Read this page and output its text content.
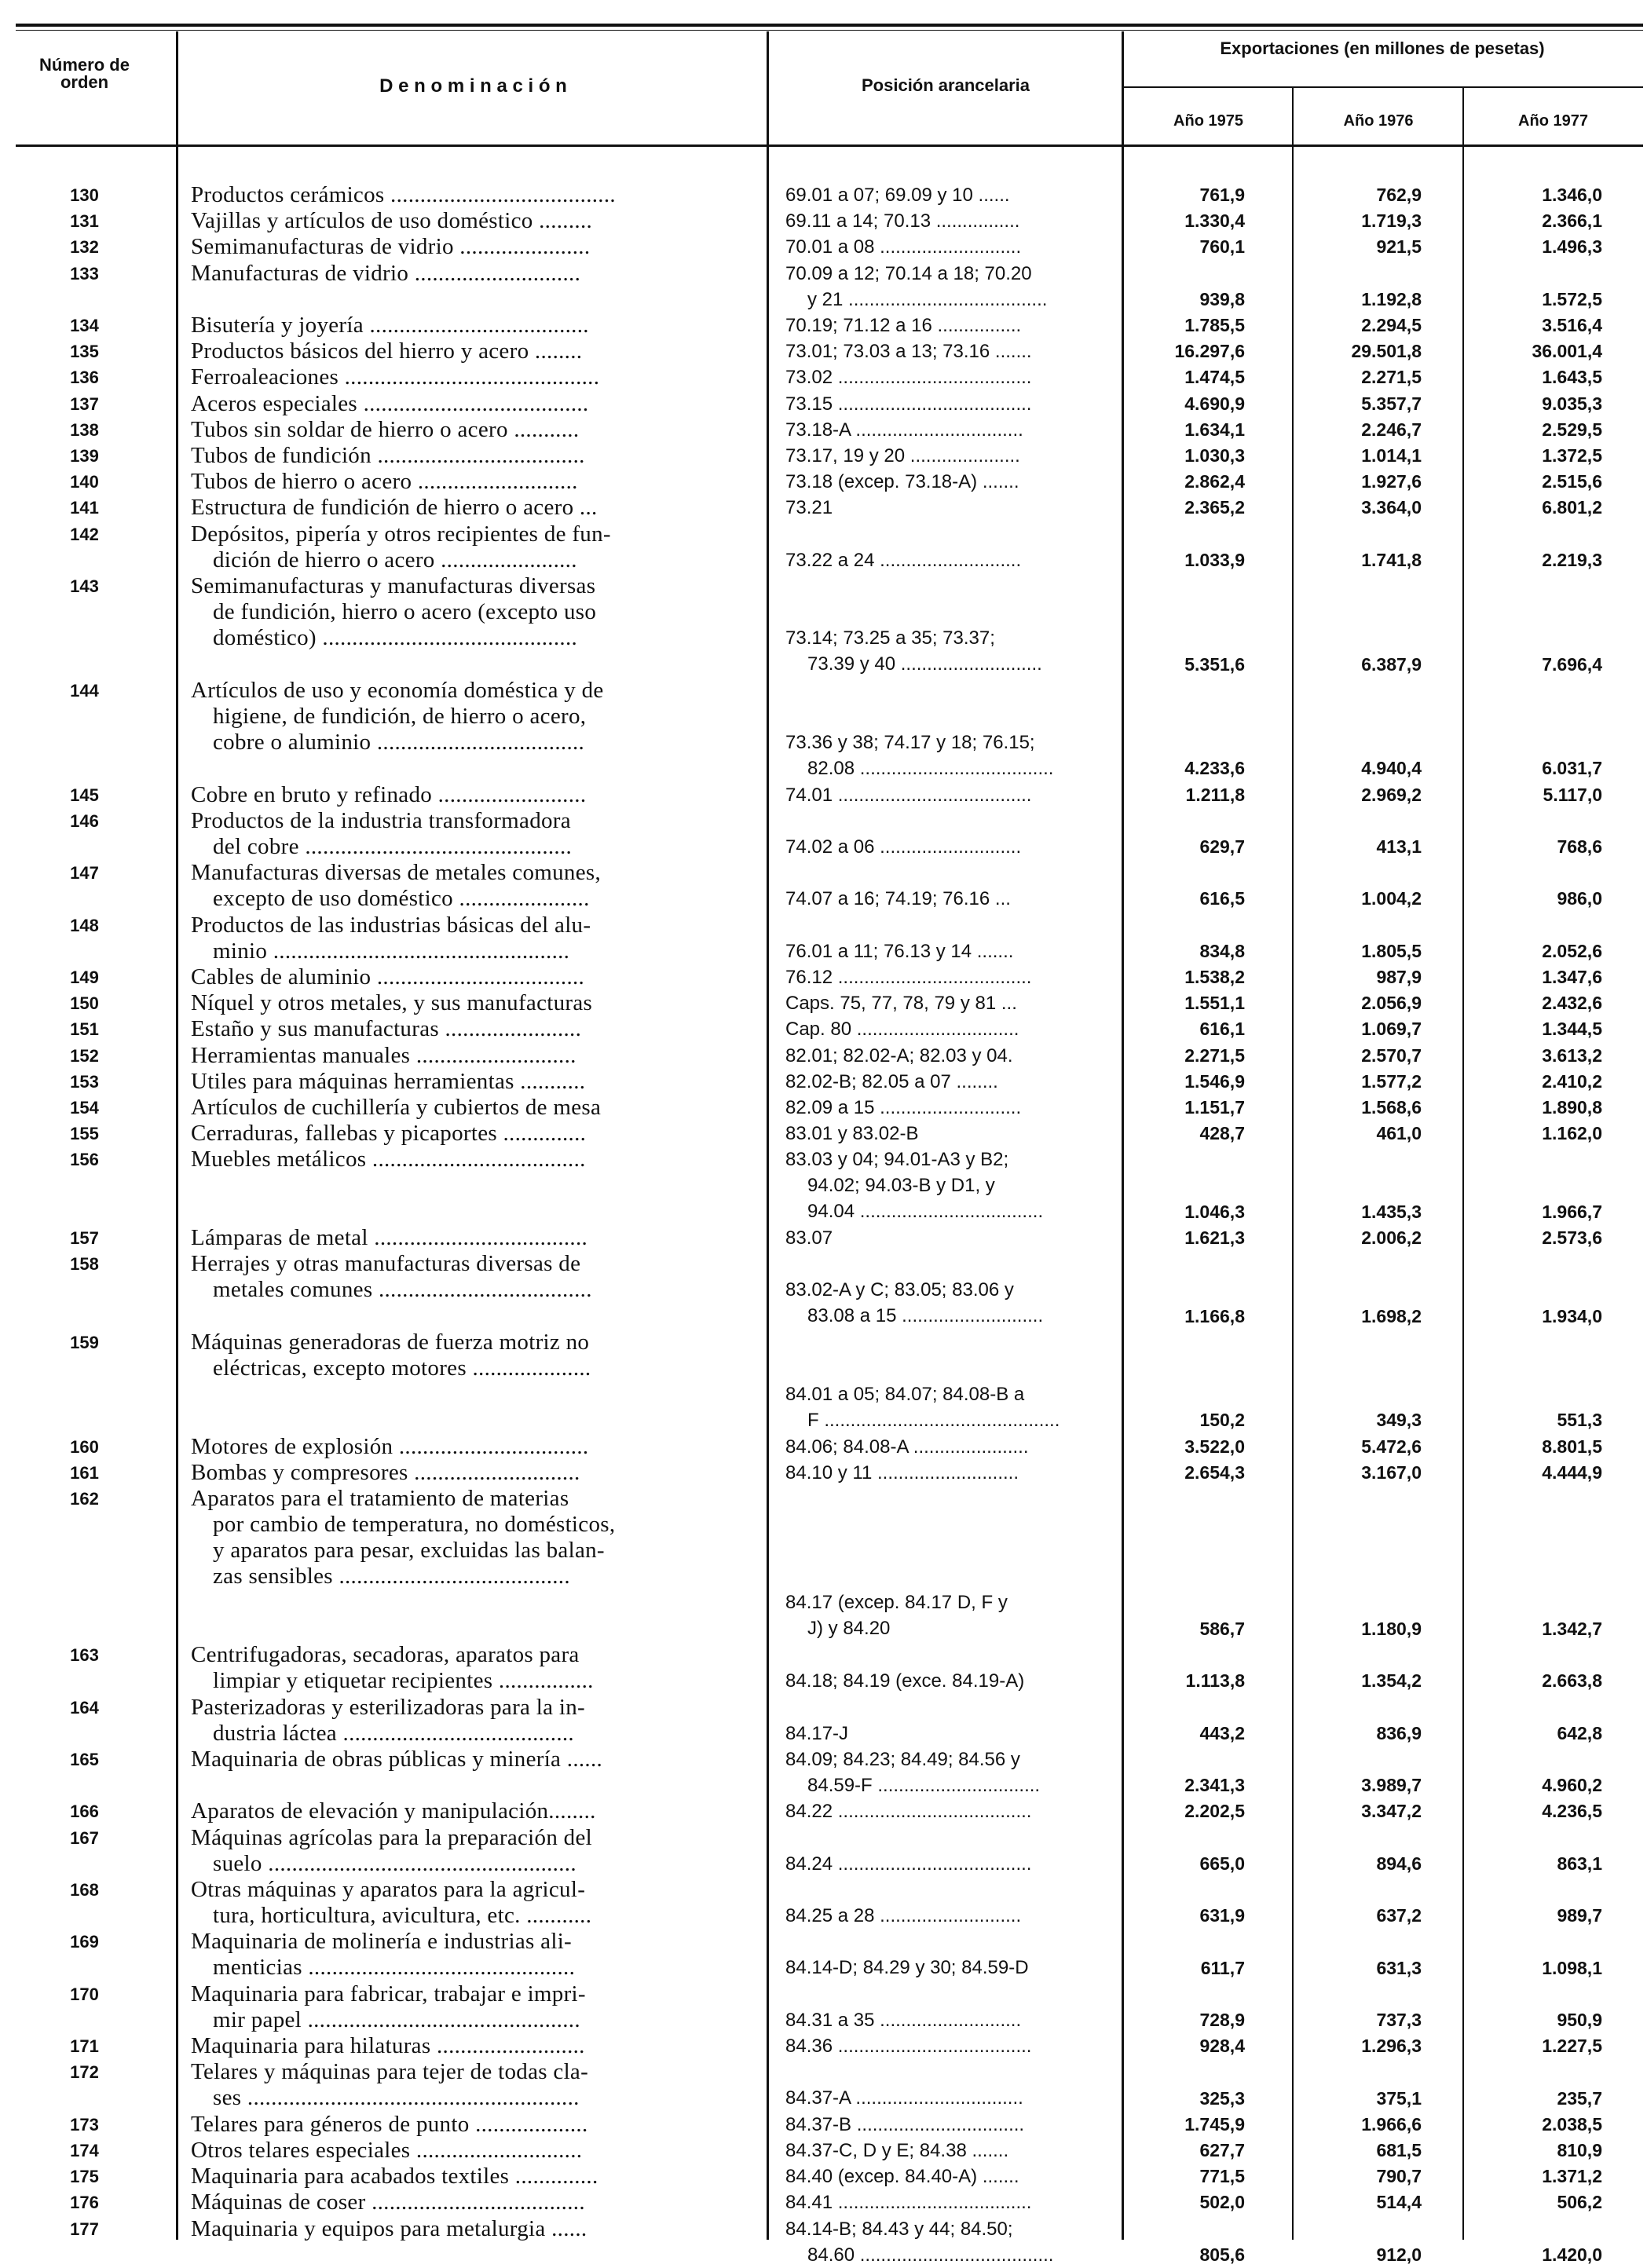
Número de orden	D e n o m i n a c i ó n	Posición arancelaria
Exportaciones (en millones de pesetas)
Año 1975	Año 1976	Año 1977
130	Productos cerámicos ......................................	69.01 a 07; 69.09 y 10 ......	761,9	762,9	1.346,0
131	Vajillas y artículos de uso doméstico .........	69.11 a 14; 70.13 ................	1.330,4	1.719,3	2.366,1
132	Semimanufacturas de vidrio ......................	70.01 a 08 ...........................	760,1	921,5	1.496,3
133	Manufacturas de vidrio ............................	70.09 a 12; 70.14 a 18; 70.20
y 21 ......................................	939,8	1.192,8	1.572,5
134	Bisutería y joyería .....................................	70.19; 71.12 a 16 ................	1.785,5	2.294,5	3.516,4
135	Productos básicos del hierro y acero ........	73.01; 73.03 a 13; 73.16 .......	16.297,6	29.501,8	36.001,4
136	Ferroaleaciones ...........................................	73.02 .....................................	1.474,5	2.271,5	1.643,5
137	Aceros especiales ......................................	73.15 .....................................	4.690,9	5.357,7	9.035,3
138	Tubos sin soldar de hierro o acero ...........	73.18-A ................................	1.634,1	2.246,7	2.529,5
139	Tubos de fundición ...................................	73.17, 19 y 20 .....................	1.030,3	1.014,1	1.372,5
140	Tubos de hierro o acero ...........................	73.18 (excep. 73.18-A) .......	2.862,4	1.927,6	2.515,6
141	Estructura de fundición de hierro o acero ...	73.21	2.365,2	3.364,0	6.801,2
142	Depósitos, pipería y otros recipientes de fun-
dición de hierro o acero .......................	73.22 a 24 ...........................	1.033,9	1.741,8	2.219,3
143	Semimanufacturas y manufacturas diversas
de fundición, hierro o acero (excepto uso
doméstico) ...........................................	73.14; 73.25 a 35; 73.37;
73.39 y 40 ...........................	5.351,6	6.387,9	7.696,4
144	Artículos de uso y economía doméstica y de
higiene, de fundición, de hierro o acero,
cobre o aluminio ...................................	73.36 y 38; 74.17 y 18; 76.15;
82.08 .....................................	4.233,6	4.940,4	6.031,7
145	Cobre en bruto y refinado .........................	74.01 .....................................	1.211,8	2.969,2	5.117,0
146	Productos de la industria transformadora
del cobre .............................................	74.02 a 06 ...........................	629,7	413,1	768,6
147	Manufacturas diversas de metales comunes,
excepto de uso doméstico ......................	74.07 a 16; 74.19; 76.16 ...	616,5	1.004,2	986,0
148	Productos de las industrias básicas del alu-
minio ..................................................	76.01 a 11; 76.13 y 14 .......	834,8	1.805,5	2.052,6
149	Cables de aluminio ...................................	76.12 .....................................	1.538,2	987,9	1.347,6
150	Níquel y otros metales, y sus manufacturas	Caps. 75, 77, 78, 79 y 81 ...	1.551,1	2.056,9	2.432,6
151	Estaño y sus manufacturas .......................	Cap. 80 ...............................	616,1	1.069,7	1.344,5
152	Herramientas manuales ...........................	82.01; 82.02-A; 82.03 y 04.	2.271,5	2.570,7	3.613,2
153	Utiles para máquinas herramientas ...........	82.02-B; 82.05 a 07 ........	1.546,9	1.577,2	2.410,2
154	Artículos de cuchillería y cubiertos de mesa	82.09 a 15 ...........................	1.151,7	1.568,6	1.890,8
155	Cerraduras, fallebas y picaportes ..............	83.01 y 83.02-B	428,7	461,0	1.162,0
156	Muebles metálicos ....................................	83.03 y 04; 94.01-A3 y B2;
94.02; 94.03-B y D1, y
94.04 ...................................	1.046,3	1.435,3	1.966,7
157	Lámparas de metal ....................................	83.07	1.621,3	2.006,2	2.573,6
158	Herrajes y otras manufacturas diversas de
metales comunes ....................................	83.02-A y C; 83.05; 83.06 y
83.08 a 15 ...........................	1.166,8	1.698,2	1.934,0
159	Máquinas generadoras de fuerza motriz no
eléctricas, excepto motores ....................
84.01 a 05; 84.07; 84.08-B a
F .............................................	150,2	349,3	551,3
160	Motores de explosión ................................	84.06; 84.08-A ......................	3.522,0	5.472,6	8.801,5
161	Bombas y compresores ............................	84.10 y 11 ...........................	2.654,3	3.167,0	4.444,9
162	Aparatos para el tratamiento de materias
por cambio de temperatura, no domésticos,
y aparatos para pesar, excluidas las balan-
zas sensibles .......................................
84.17 (excep. 84.17 D, F y
J) y 84.20	586,7	1.180,9	1.342,7
163	Centrifugadoras, secadoras, aparatos para
limpiar y etiquetar recipientes ................	84.18; 84.19 (exce. 84.19-A)	1.113,8	1.354,2	2.663,8
164	Pasterizadoras y esterilizadoras para la in-
dustria láctea .......................................	84.17-J	443,2	836,9	642,8
165	Maquinaria de obras públicas y minería ......	84.09; 84.23; 84.49; 84.56 y
84.59-F ...............................	2.341,3	3.989,7	4.960,2
166	Aparatos de elevación y manipulación........	84.22 .....................................	2.202,5	3.347,2	4.236,5
167	Máquinas agrícolas para la preparación del
suelo ....................................................	84.24 .....................................	665,0	894,6	863,1
168	Otras máquinas y aparatos para la agricul-
tura, horticultura, avicultura, etc. ...........	84.25 a 28 ...........................	631,9	637,2	989,7
169	Maquinaria de molinería e industrias ali-
menticias .............................................	84.14-D; 84.29 y 30; 84.59-D	611,7	631,3	1.098,1
170	Maquinaria para fabricar, trabajar e impri-
mir papel ..............................................	84.31 a 35 ...........................	728,9	737,3	950,9
171	Maquinaria para hilaturas .........................	84.36 .....................................	928,4	1.296,3	1.227,5
172	Telares y máquinas para tejer de todas cla-
ses ........................................................	84.37-A ................................	325,3	375,1	235,7
173	Telares para géneros de punto ...................	84.37-B ................................	1.745,9	1.966,6	2.038,5
174	Otros telares especiales ............................	84.37-C, D y E; 84.38 .......	627,7	681,5	810,9
175	Maquinaria para acabados textiles ..............	84.40 (excep. 84.40-A) .......	771,5	790,7	1.371,2
176	Máquinas de coser ....................................	84.41 .....................................	502,0	514,4	506,2
177	Maquinaria y equipos para metalurgia ......	84.14-B; 84.43 y 44; 84.50;
84.60 .....................................	805,6	912,0	1.420,0
